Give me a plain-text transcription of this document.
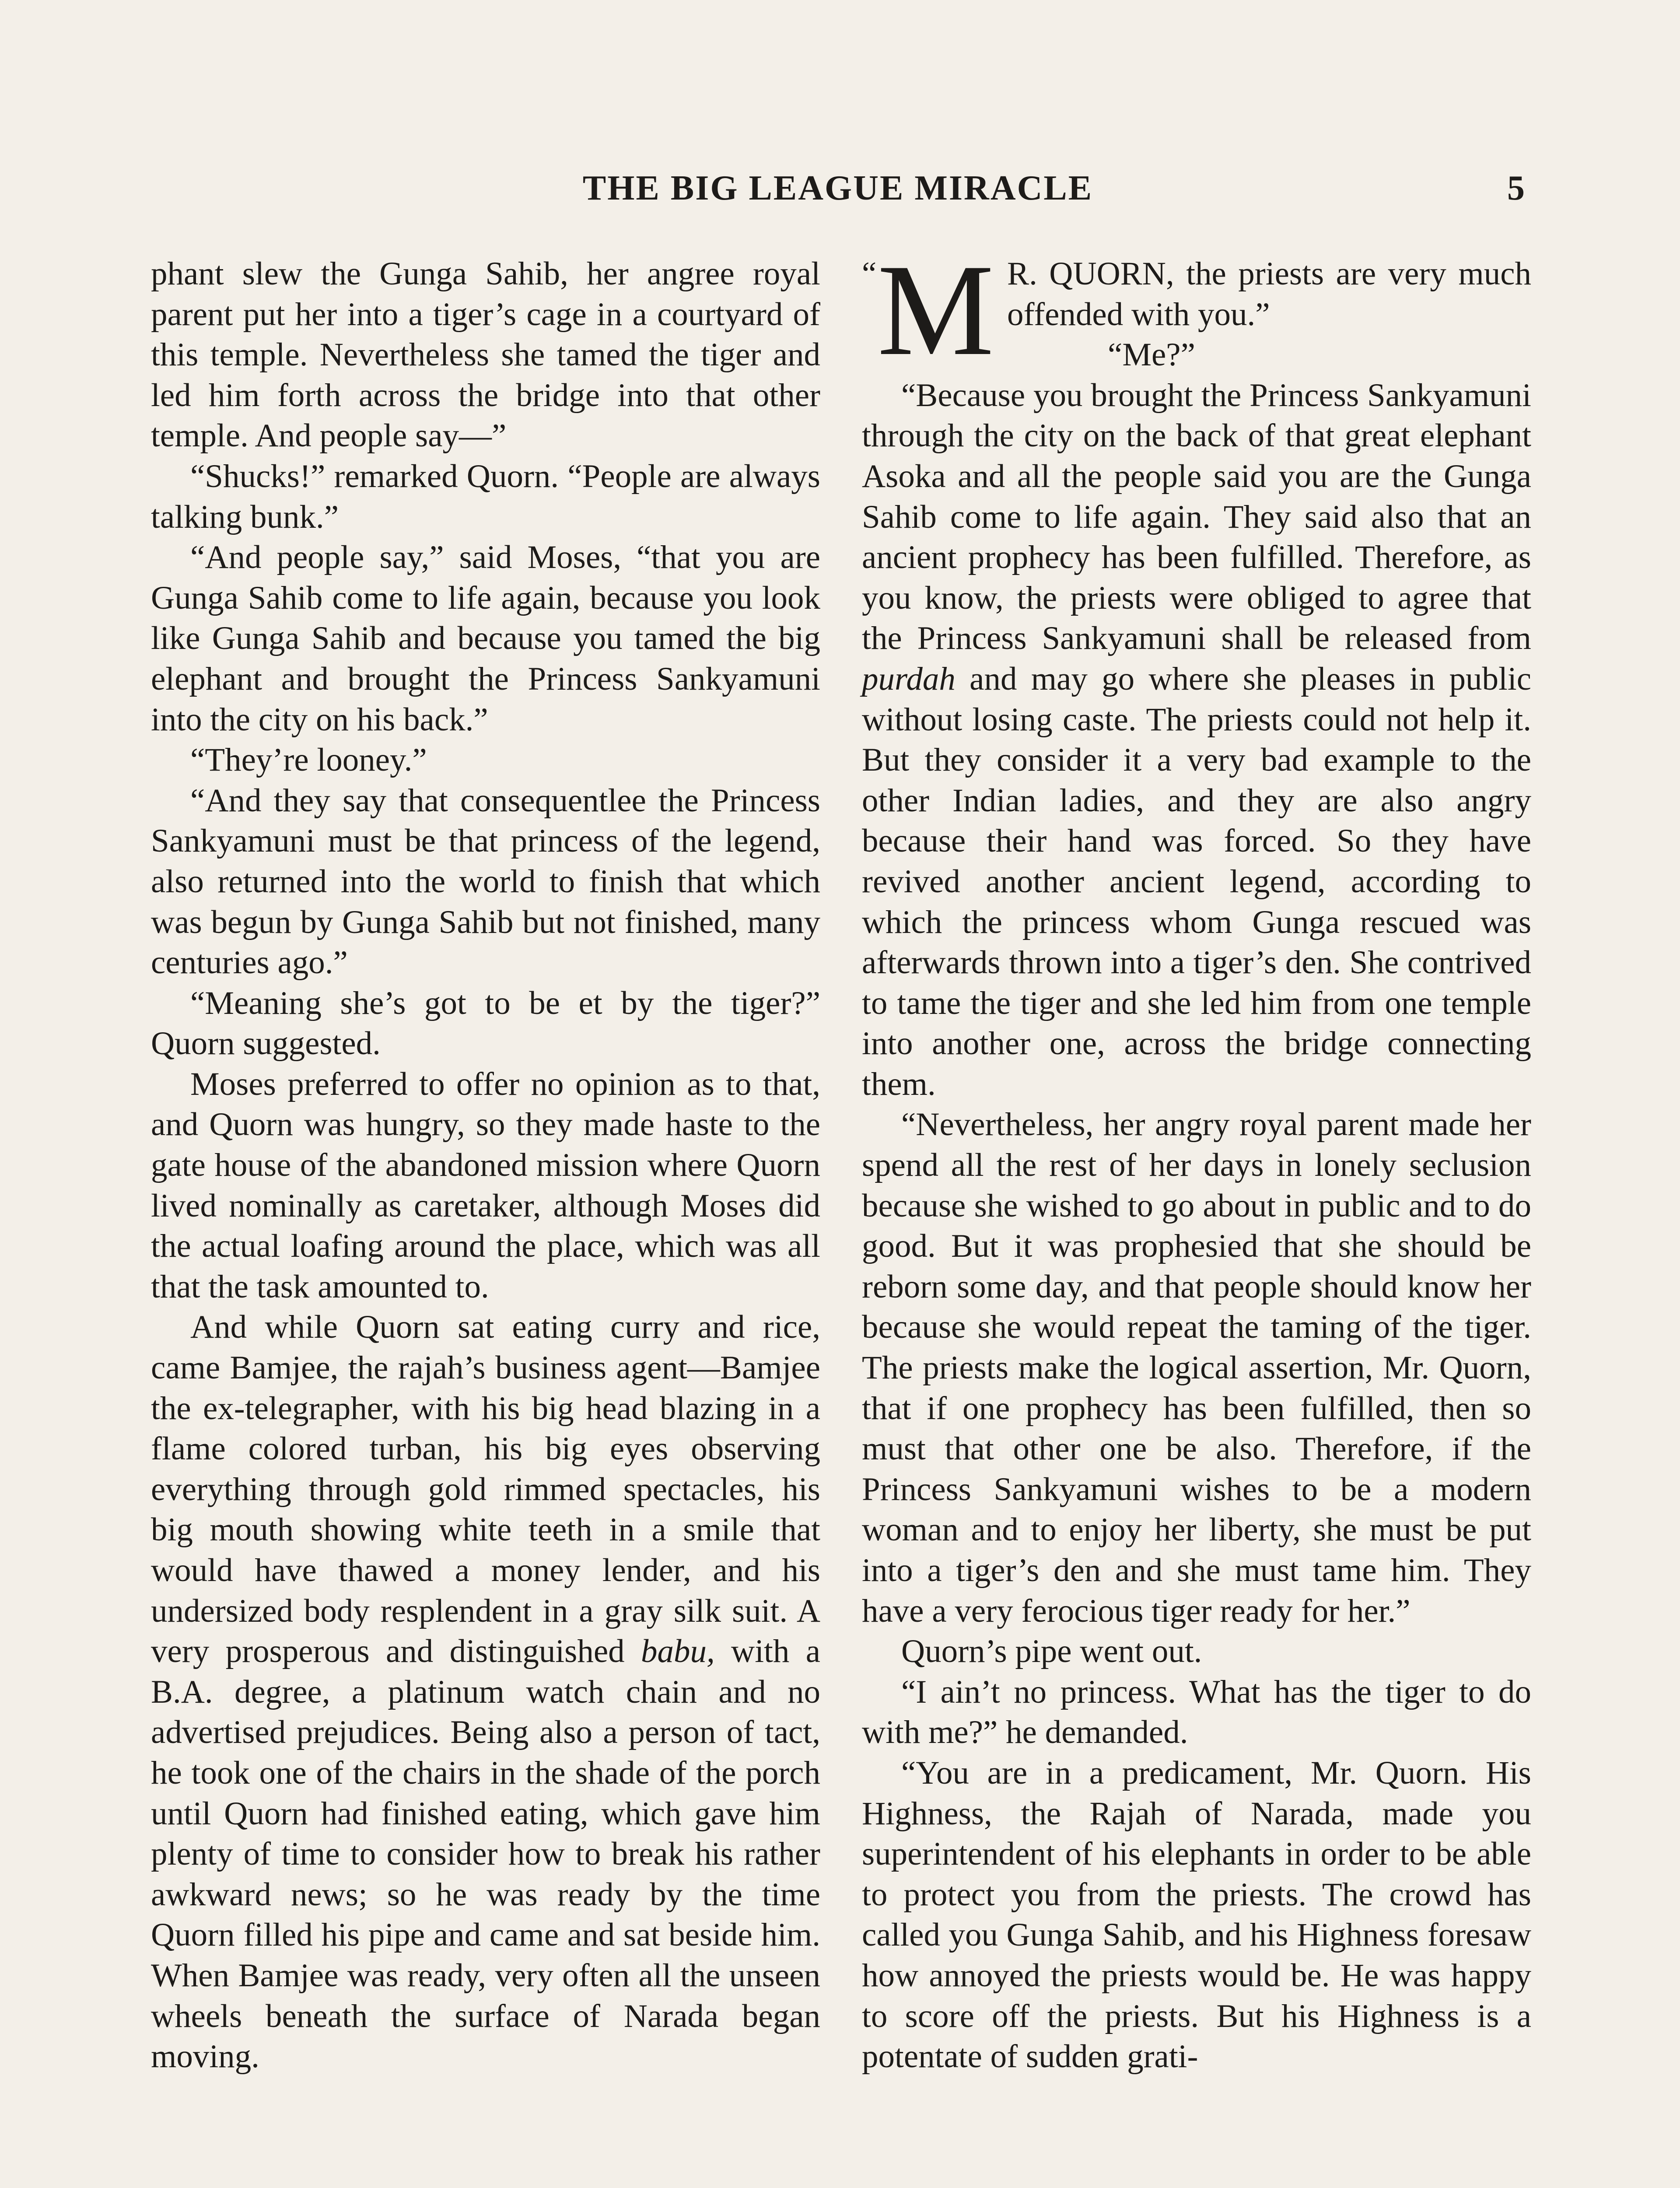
THE BIG LEAGUE MIRACLE	5

phant slew the Gunga Sahib, her angree royal parent put her into a tiger’s cage in a courtyard of this temple. Nevertheless she tamed the tiger and led him forth across the bridge into that other temple. And people say—”

“Shucks!” remarked Quorn. “People are always talking bunk.”

“And people say,” said Moses, “that you are Gunga Sahib come to life again, because you look like Gunga Sahib and because you tamed the big elephant and brought the Princess Sankyamuni into the city on his back.”

“They’re looney.”

“And they say that consequentlee the Princess Sankyamuni must be that princess of the legend, also returned into the world to finish that which was begun by Gunga Sahib but not finished, many centuries ago.”

“Meaning she’s got to be et by the tiger?” Quorn suggested.

Moses preferred to offer no opinion as to that, and Quorn was hungry, so they made haste to the gate house of the abandoned mission where Quorn lived nominally as caretaker, although Moses did the actual loafing around the place, which was all that the task amounted to.

And while Quorn sat eating curry and rice, came Bamjee, the rajah’s business agent—Bamjee the ex-telegrapher, with his big head blazing in a flame colored turban, his big eyes observing everything through gold rimmed spectacles, his big mouth showing white teeth in a smile that would have thawed a money lender, and his undersized body resplendent in a gray silk suit. A very prosperous and distinguished babu, with a B.A. degree, a platinum watch chain and no advertised prejudices. Being also a person of tact, he took one of the chairs in the shade of the porch until Quorn had finished eating, which gave him plenty of time to consider how to break his rather awkward news; so he was ready by the time Quorn filled his pipe and came and sat beside him. When Bamjee was ready, very often all the unseen wheels beneath the surface of Narada began moving.

“ M R. QUORN, the priests are very much offended with you.”

“Me?”

“Because you brought the Princess Sankyamuni through the city on the back of that great elephant Asoka and all the people said you are the Gunga Sahib come to life again. They said also that an ancient prophecy has been fulfilled. Therefore, as you know, the priests were obliged to agree that the Princess Sankyamuni shall be released from purdah and may go where she pleases in public without losing caste. The priests could not help it. But they consider it a very bad example to the other Indian ladies, and they are also angry because their hand was forced. So they have revived another ancient legend, according to which the princess whom Gunga rescued was afterwards thrown into a tiger’s den. She contrived to tame the tiger and she led him from one temple into another one, across the bridge connecting them.

“Nevertheless, her angry royal parent made her spend all the rest of her days in lonely seclusion because she wished to go about in public and to do good. But it was prophesied that she should be reborn some day, and that people should know her because she would repeat the taming of the tiger. The priests make the logical assertion, Mr. Quorn, that if one prophecy has been fulfilled, then so must that other one be also. Therefore, if the Princess Sankyamuni wishes to be a modern woman and to enjoy her liberty, she must be put into a tiger’s den and she must tame him. They have a very ferocious tiger ready for her.”

Quorn’s pipe went out.

“I ain’t no princess. What has the tiger to do with me?” he demanded.

“You are in a predicament, Mr. Quorn. His Highness, the Rajah of Narada, made you superintendent of his elephants in order to be able to protect you from the priests. The crowd has called you Gunga Sahib, and his Highness foresaw how annoyed the priests would be. He was happy to score off the priests. But his Highness is a potentate of sudden grati-
